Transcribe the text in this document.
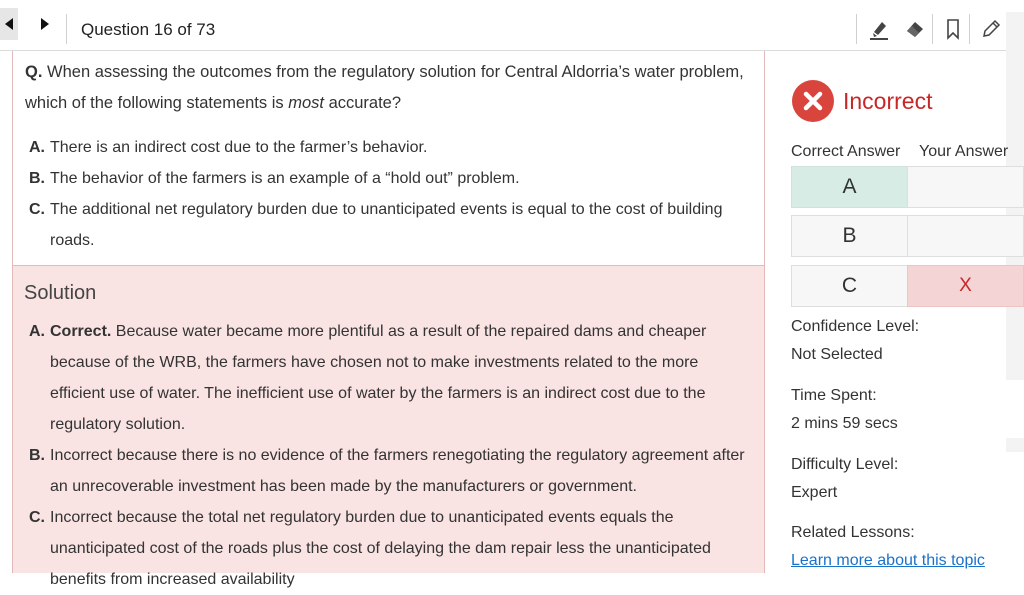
Question 16 of 73
Q. When assessing the outcomes from the regulatory solution for Central Aldorria’s water problem, which of the following statements is most accurate?
A. There is an indirect cost due to the farmer’s behavior.
B. The behavior of the farmers is an example of a “hold out” problem.
C. The additional net regulatory burden due to unanticipated events is equal to the cost of building roads.
Solution
A. Correct. Because water became more plentiful as a result of the repaired dams and cheaper because of the WRB, the farmers have chosen not to make investments related to the more efficient use of water. The inefficient use of water by the farmers is an indirect cost due to the regulatory solution.
B. Incorrect because there is no evidence of the farmers renegotiating the regulatory agreement after an unrecoverable investment has been made by the manufacturers or government.
C. Incorrect because the total net regulatory burden due to unanticipated events equals the unanticipated cost of the roads plus the cost of delaying the dam repair less the unanticipated benefits from increased availability
Incorrect
Correct Answer Your Answer
A
B
C	X
Confidence Level:
Not Selected
Time Spent:
2 mins 59 secs
Difficulty Level:
Expert
Related Lessons:
Learn more about this topic
